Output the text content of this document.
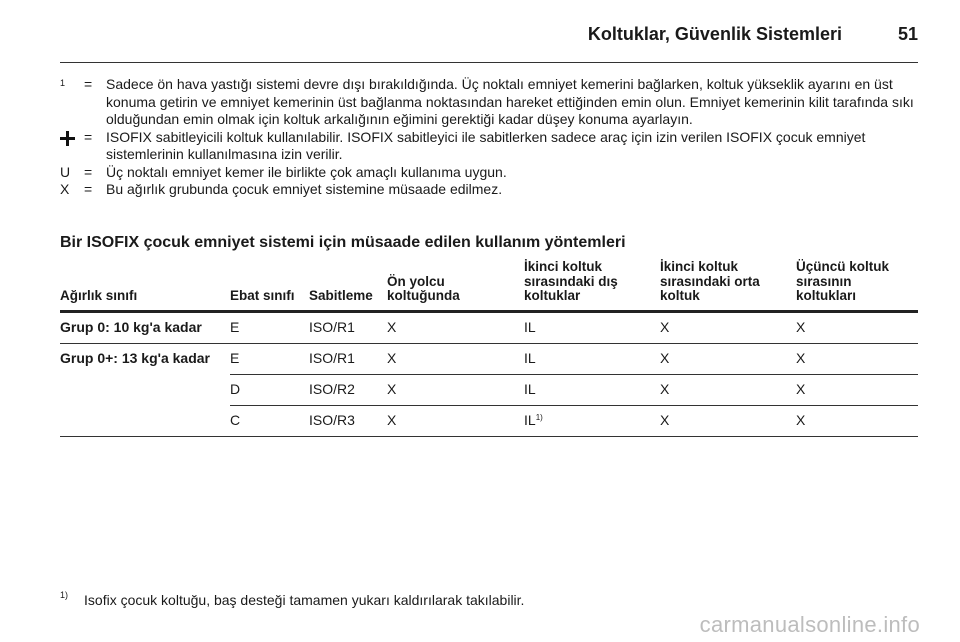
Koltuklar, Güvenlik Sistemleri	51
$^1$ = Sadece ön hava yastığı sistemi devre dışı bırakıldığında. Üç noktalı emniyet kemerini bağlarken, koltuk yükseklik ayarını en üst konuma getirin ve emniyet kemerinin üst bağlanma noktasından hareket ettiğinden emin olun. Emniyet kemerinin kilit tarafında sıkı olduğundan emin olmak için koltuk arkalığının eğimini gerektiği kadar düşey konuma ayarlayın.
= ISOFIX sabitleyicili koltuk kullanılabilir. ISOFIX sabitleyici ile sabitlerken sadece araç için izin verilen ISOFIX çocuk emniyet sistemlerinin kullanılmasına izin verilir.
U = Üç noktalı emniyet kemer ile birlikte çok amaçlı kullanıma uygun.
X = Bu ağırlık grubunda çocuk emniyet sistemine müsaade edilmez.
Bir ISOFIX çocuk emniyet sistemi için müsaade edilen kullanım yöntemleri
Ağırlık sınıfı	Ebat sınıfı	Sabitleme	Ön yolcu koltuğunda	İkinci koltuk sırasındaki dış koltuklar	İkinci koltuk sırasındaki orta koltuk	Üçüncü koltuk sırasının koltukları
Grup 0: 10 kg'a kadar	E	ISO/R1	X	IL	X	X
Grup 0+: 13 kg'a kadar	E	ISO/R1	X	IL	X	X
	D	ISO/R2	X	IL	X	X
	C	ISO/R3	X	IL$^{1)}$	X	X
$^{1)}$ Isofix çocuk koltuğu, baş desteği tamamen yukarı kaldırılarak takılabilir.
carmanualsonline.info
